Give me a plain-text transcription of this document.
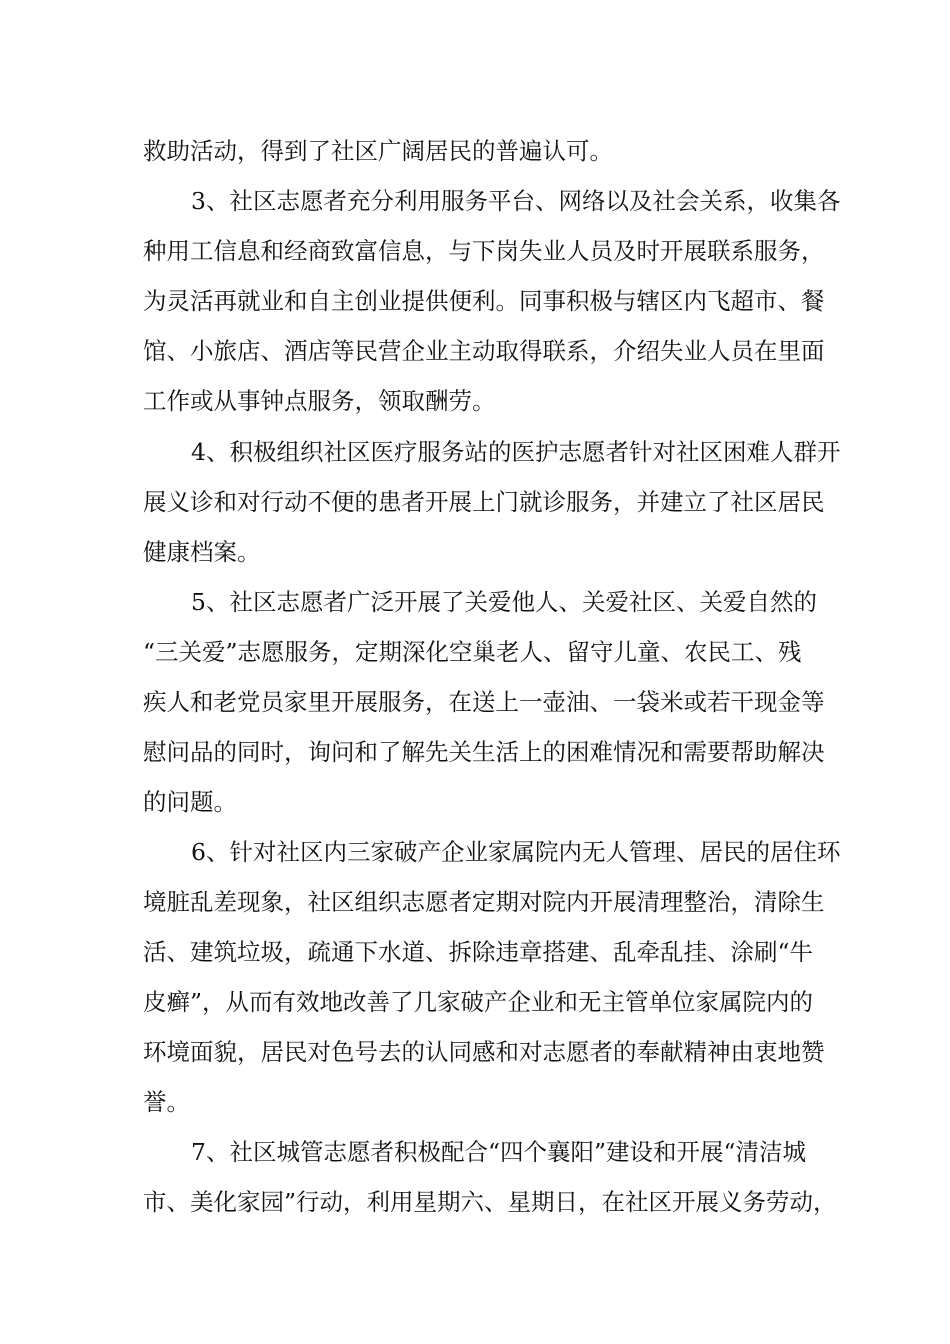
救助活动，得到了社区广阔居民的普遍认可。
3、社区志愿者充分利用服务平台、网络以及社会关系，收集各
种用工信息和经商致富信息，与下岗失业人员及时开展联系服务，
为灵活再就业和自主创业提供便利。同事积极与辖区内飞超市、餐
馆、小旅店、酒店等民营企业主动取得联系，介绍失业人员在里面
工作或从事钟点服务，领取酬劳。
4、积极组织社区医疗服务站的医护志愿者针对社区困难人群开
展义诊和对行动不便的患者开展上门就诊服务，并建立了社区居民
健康档案。
5、社区志愿者广泛开展了关爱他人、关爱社区、关爱自然的
“三关爱”志愿服务，定期深化空巢老人、留守儿童、农民工、残
疾人和老党员家里开展服务，在送上一壶油、一袋米或若干现金等
慰问品的同时，询问和了解先关生活上的困难情况和需要帮助解决
的问题。
6、针对社区内三家破产企业家属院内无人管理、居民的居住环
境脏乱差现象，社区组织志愿者定期对院内开展清理整治，清除生
活、建筑垃圾，疏通下水道、拆除违章搭建、乱牵乱挂、涂刷“牛
皮癣”，从而有效地改善了几家破产企业和无主管单位家属院内的
环境面貌，居民对色号去的认同感和对志愿者的奉献精神由衷地赞
誉。
7、社区城管志愿者积极配合“四个襄阳”建设和开展“清洁城
市、美化家园”行动，利用星期六、星期日，在社区开展义务劳动，
